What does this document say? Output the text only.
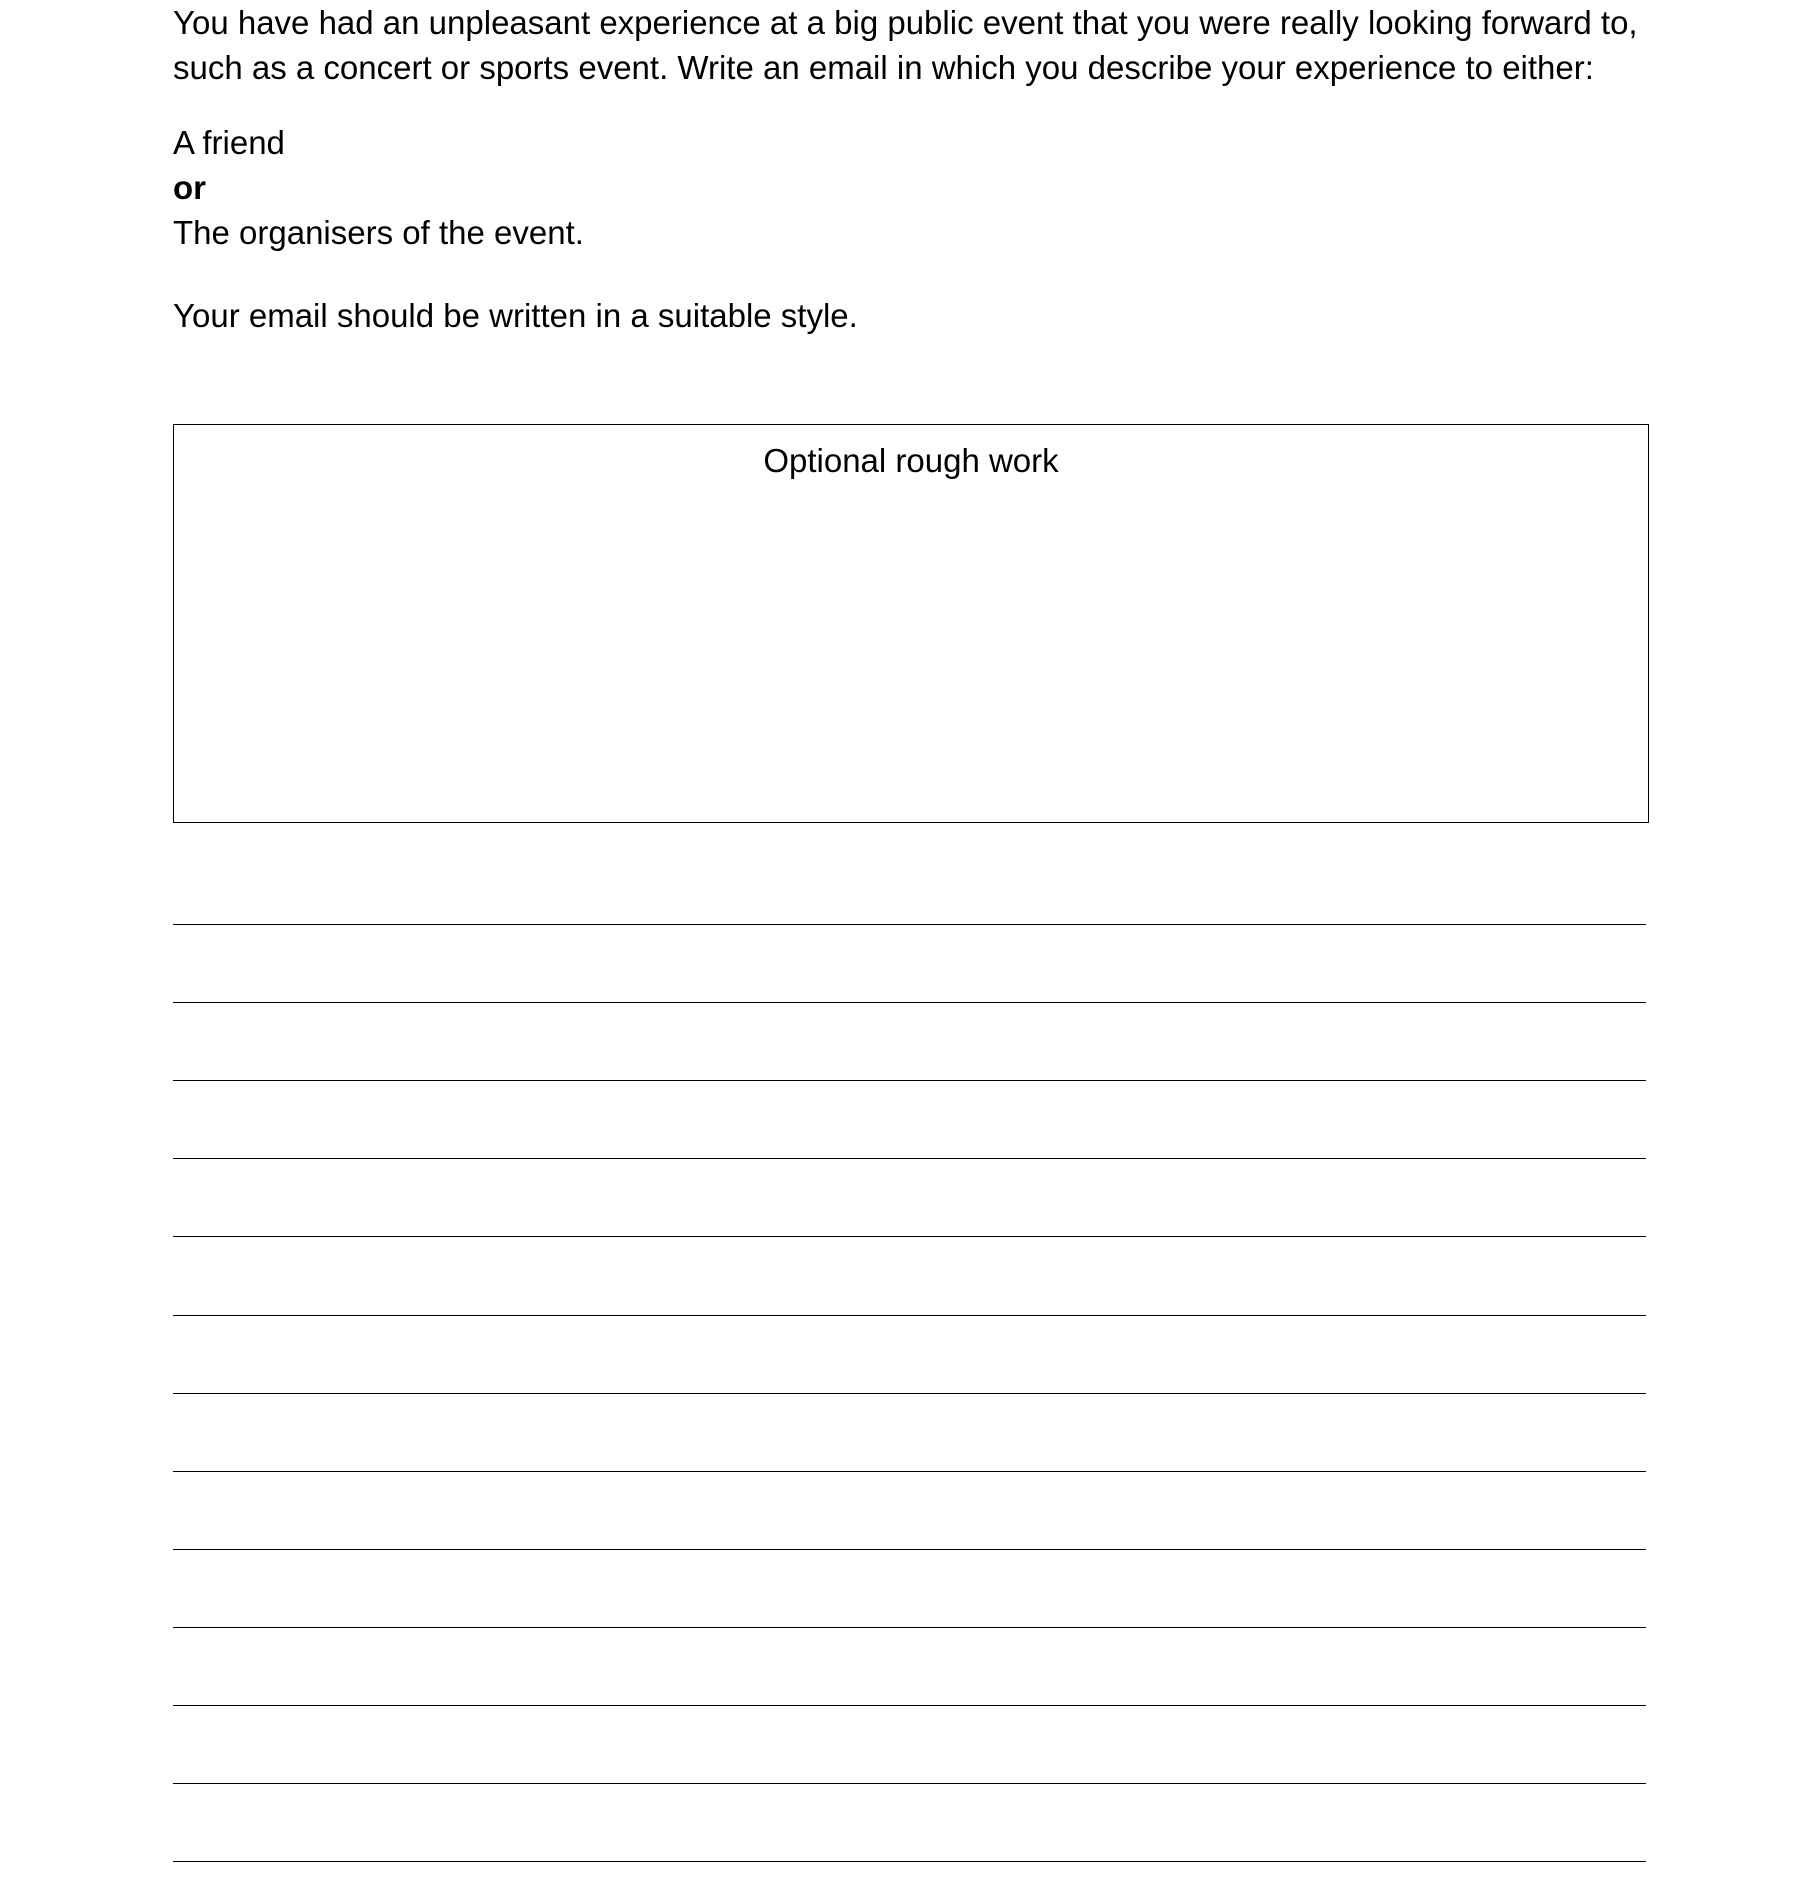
You have had an unpleasant experience at a big public event that you were really looking forward to, such as a concert or sports event. Write an email in which you describe your experience to either:

A friend
or
The organisers of the event.

Your email should be written in a suitable style.

Optional rough work
